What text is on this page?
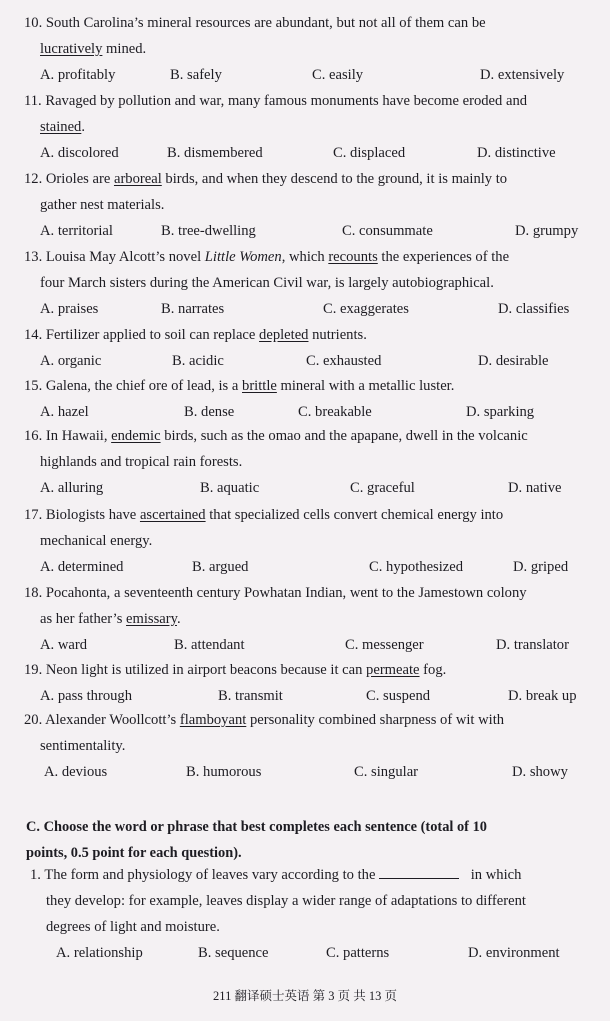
10. South Carolina’s mineral resources are abundant, but not all of them can be
lucratively mined.
A. profitably	B. safely	C. easily	D. extensively
11. Ravaged by pollution and war, many famous monuments have become eroded and
stained.
A. discolored	B. dismembered	C. displaced	D. distinctive
12. Orioles are arboreal birds, and when they descend to the ground, it is mainly to
gather nest materials.
A. territorial	B. tree-dwelling	C. consummate	D. grumpy
13. Louisa May Alcott’s novel Little Women, which recounts the experiences of the
four March sisters during the American Civil war, is largely autobiographical.
A. praises	B. narrates	C. exaggerates	D. classifies
14. Fertilizer applied to soil can replace depleted nutrients.
A. organic	B. acidic	C. exhausted	D. desirable
15. Galena, the chief ore of lead, is a brittle mineral with a metallic luster.
A. hazel	B. dense	C. breakable	D. sparking
16. In Hawaii, endemic birds, such as the omao and the apapane, dwell in the volcanic
highlands and tropical rain forests.
A. alluring	B. aquatic	C. graceful	D. native
17. Biologists have ascertained that specialized cells convert chemical energy into
mechanical energy.
A. determined	B. argued	C. hypothesized	D. griped
18. Pocahonta, a seventeenth century Powhatan Indian, went to the Jamestown colony
as her father’s emissary.
A. ward	B. attendant	C. messenger	D. translator
19. Neon light is utilized in airport beacons because it can permeate fog.
A. pass through	B. transmit	C. suspend	D. break up
20. Alexander Woollcott’s flamboyant personality combined sharpness of wit with
sentimentality.
A. devious	B. humorous	C. singular	D. showy
C. Choose the word or phrase that best completes each sentence (total of 10
points, 0.5 point for each question).
1. The form and physiology of leaves vary according to the	in which
they develop: for example, leaves display a wider range of adaptations to different
degrees of light and moisture.
A. relationship	B. sequence	C. patterns	D. environment
211 翻译硕士英语 第 3 页 共 13 页
